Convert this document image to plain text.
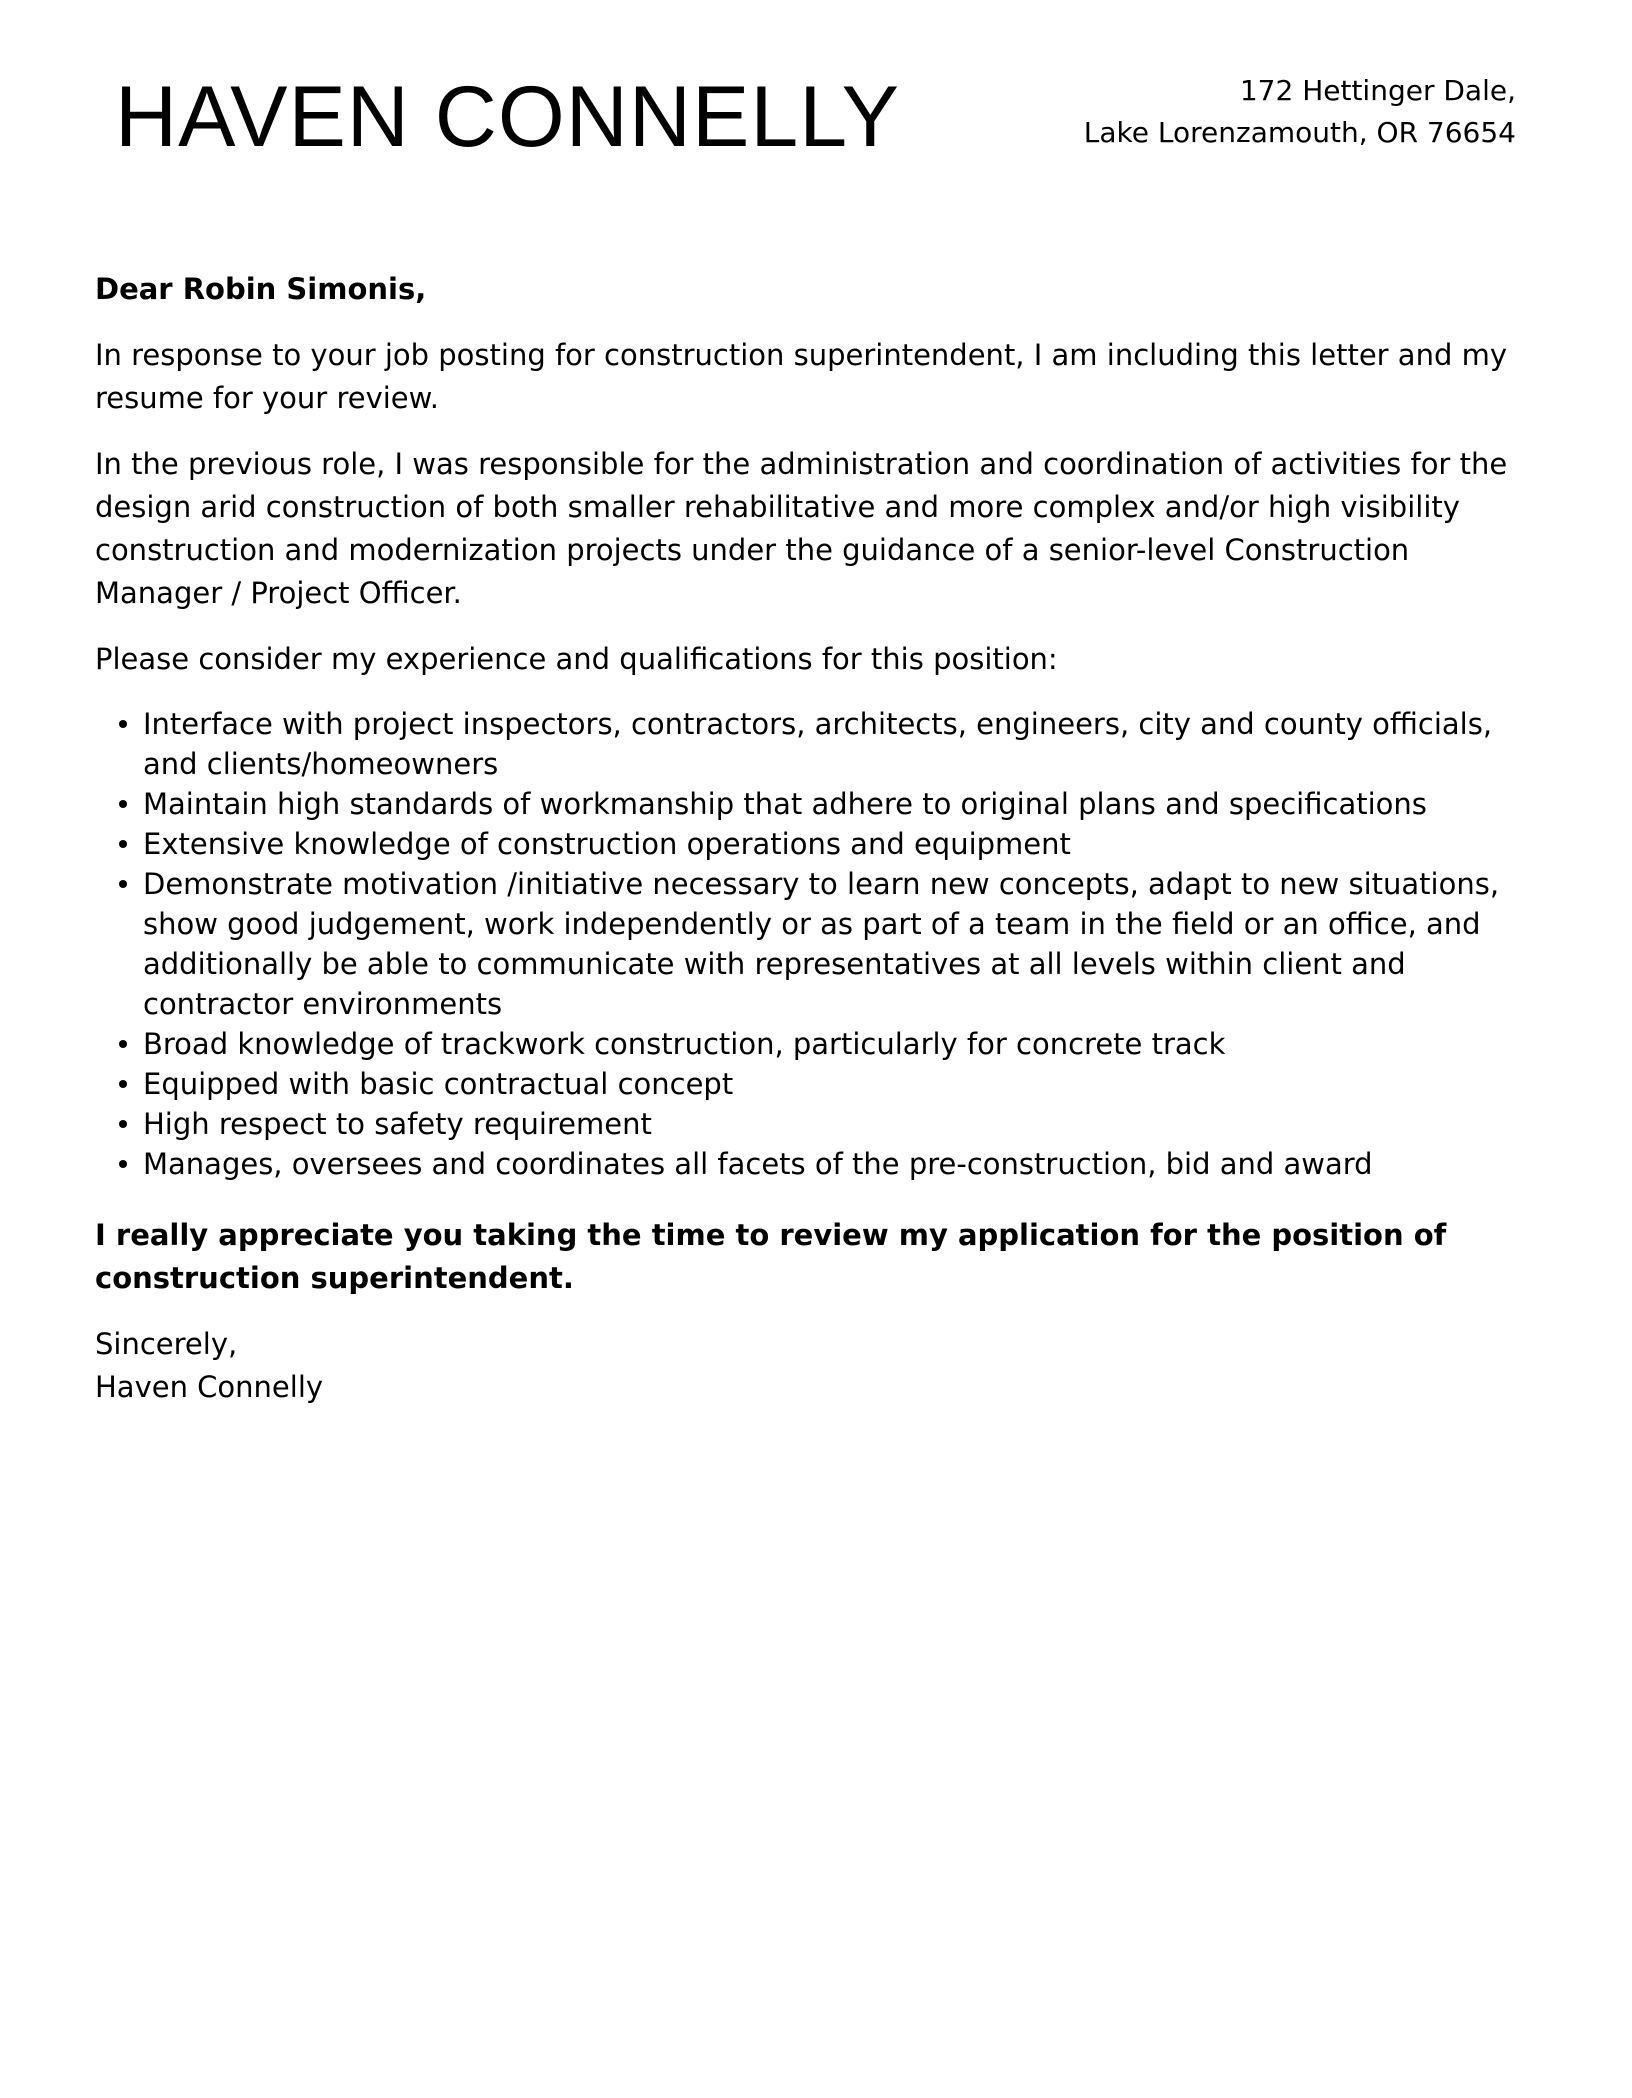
HAVEN CONNELLY	172 Hettinger Dale,
Lake Lorenzamouth, OR 76654

Dear Robin Simonis,

In response to your job posting for construction superintendent, I am including this letter and my resume for your review.

In the previous role, I was responsible for the administration and coordination of activities for the design arid construction of both smaller rehabilitative and more complex and/or high visibility construction and modernization projects under the guidance of a senior-level Construction Manager / Project Officer.

Please consider my experience and qualifications for this position:

Interface with project inspectors, contractors, architects, engineers, city and county officials, and clients/homeowners
Maintain high standards of workmanship that adhere to original plans and specifications
Extensive knowledge of construction operations and equipment
Demonstrate motivation /initiative necessary to learn new concepts, adapt to new situations, show good judgement, work independently or as part of a team in the field or an office, and additionally be able to communicate with representatives at all levels within client and contractor environments
Broad knowledge of trackwork construction, particularly for concrete track
Equipped with basic contractual concept
High respect to safety requirement
Manages, oversees and coordinates all facets of the pre-construction, bid and award

I really appreciate you taking the time to review my application for the position of construction superintendent.

Sincerely,
Haven Connelly
